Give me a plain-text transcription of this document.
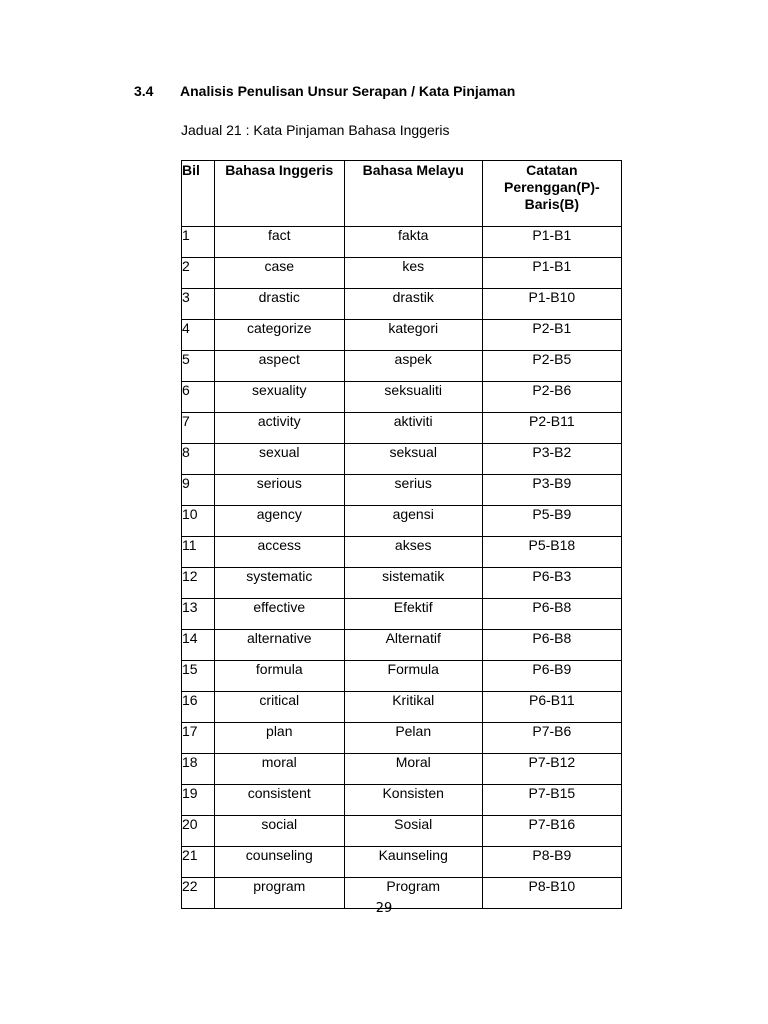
3.4 Analisis Penulisan Unsur Serapan / Kata Pinjaman
Jadual 21 : Kata Pinjaman Bahasa Inggeris
Bil	Bahasa Inggeris	Bahasa Melayu	Catatan Perenggan(P)-Baris(B)
1	fact	fakta	P1-B1
2	case	kes	P1-B1
3	drastic	drastik	P1-B10
4	categorize	kategori	P2-B1
5	aspect	aspek	P2-B5
6	sexuality	seksualiti	P2-B6
7	activity	aktiviti	P2-B11
8	sexual	seksual	P3-B2
9	serious	serius	P3-B9
10	agency	agensi	P5-B9
11	access	akses	P5-B18
12	systematic	sistematik	P6-B3
13	effective	Efektif	P6-B8
14	alternative	Alternatif	P6-B8
15	formula	Formula	P6-B9
16	critical	Kritikal	P6-B11
17	plan	Pelan	P7-B6
18	moral	Moral	P7-B12
19	consistent	Konsisten	P7-B15
20	social	Sosial	P7-B16
21	counseling	Kaunseling	P8-B9
22	program	Program	P8-B10
29
